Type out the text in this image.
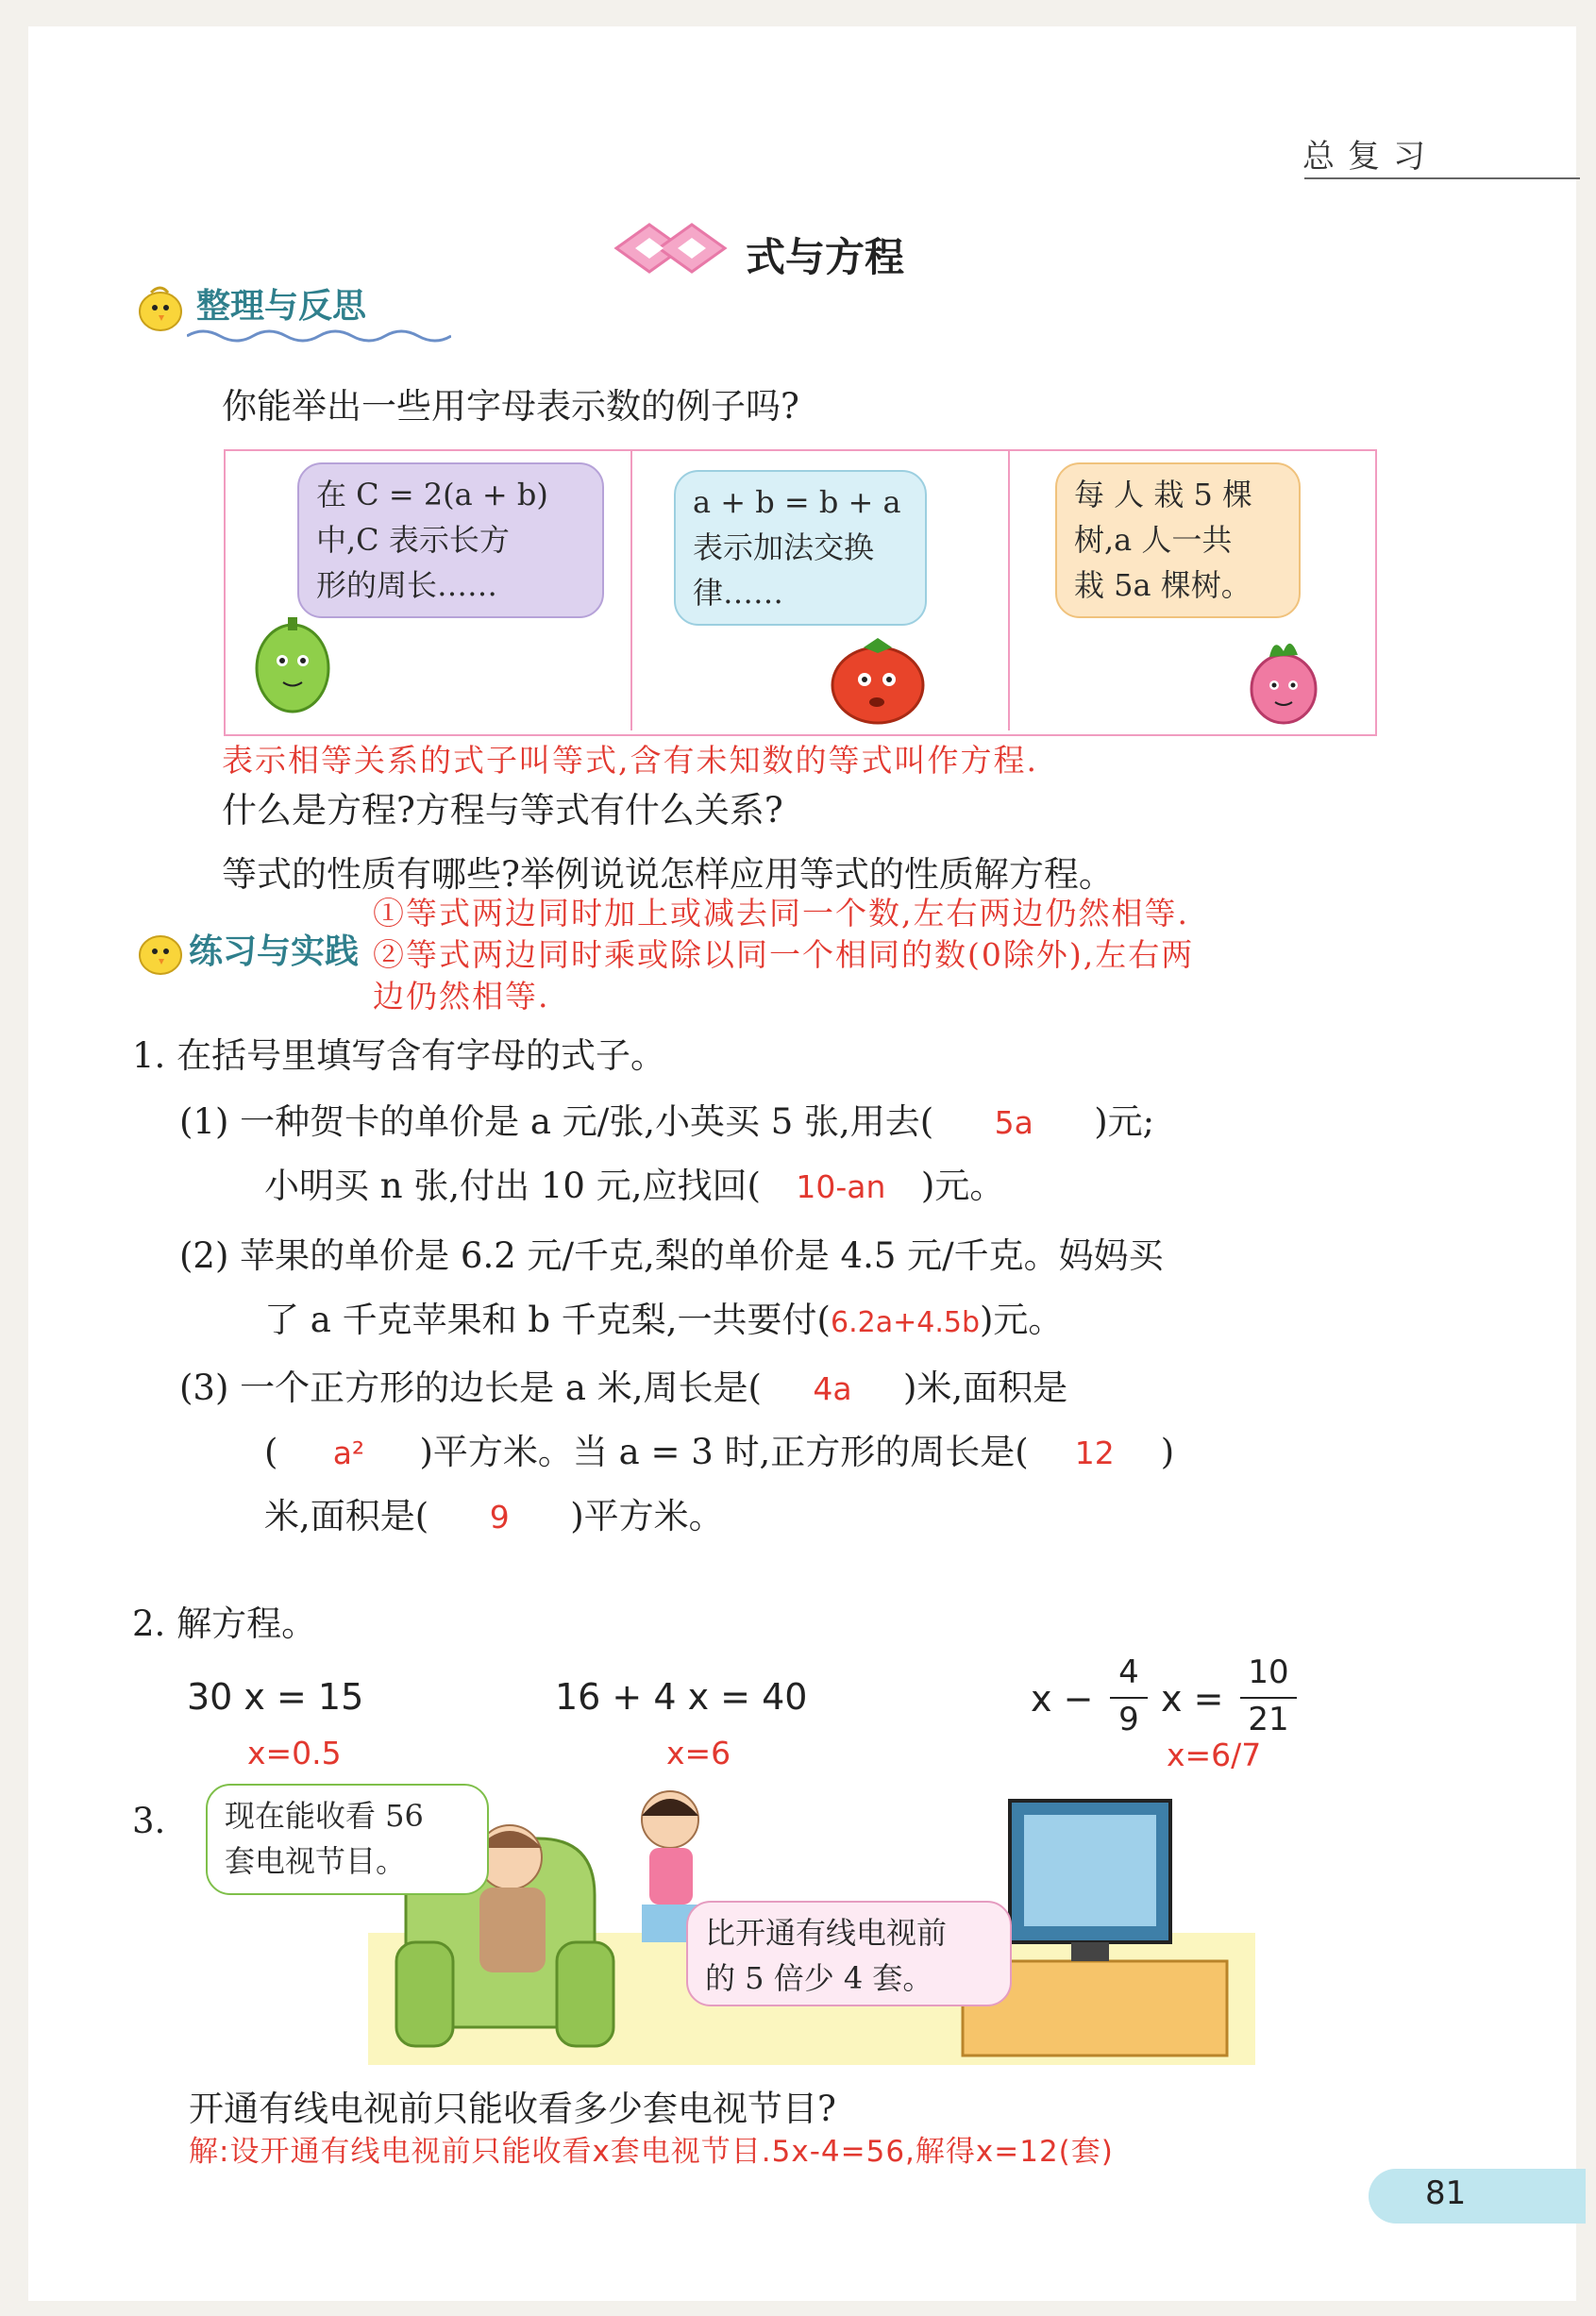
总复习
式与方程
整理与反思
你能举出一些用字母表示数的例子吗?
在 C = 2(a + b)
中,C 表示长方
形的周长……
a + b = b + a
表示加法交换
律……
每 人 栽 5 棵
树,a 人一共
栽 5a 棵树。
表示相等关系的式子叫等式,含有未知数的等式叫作方程.
什么是方程?方程与等式有什么关系?
等式的性质有哪些?举例说说怎样应用等式的性质解方程。
练习与实践
①等式两边同时加上或减去同一个数,左右两边仍然相等.
②等式两边同时乘或除以同一个相同的数(0除外),左右两
边仍然相等.
1. 在括号里填写含有字母的式子。
(1) 一种贺卡的单价是 a 元/张,小英买 5 张,用去( 5a )元;
小明买 n 张,付出 10 元,应找回( 10-an )元。
(2) 苹果的单价是 6.2 元/千克,梨的单价是 4.5 元/千克。妈妈买
了 a 千克苹果和 b 千克梨,一共要付(6.2a+4.5b)元。
(3) 一个正方形的边长是 a 米,周长是( 4a )米,面积是
( a² )平方米。当 a = 3 时,正方形的周长是( 12 )
米,面积是( 9 )平方米。
2. 解方程。
30 x = 15
x=0.5
16 + 4 x = 40
x=6
x −
4
9 x =
10
21
x=6/7
3. 现在能收看 56
套电视节目。
比开通有线电视前
的 5 倍少 4 套。
开通有线电视前只能收看多少套电视节目?
解:设开通有线电视前只能收看x套电视节目.5x-4=56,解得x=12(套)
81
